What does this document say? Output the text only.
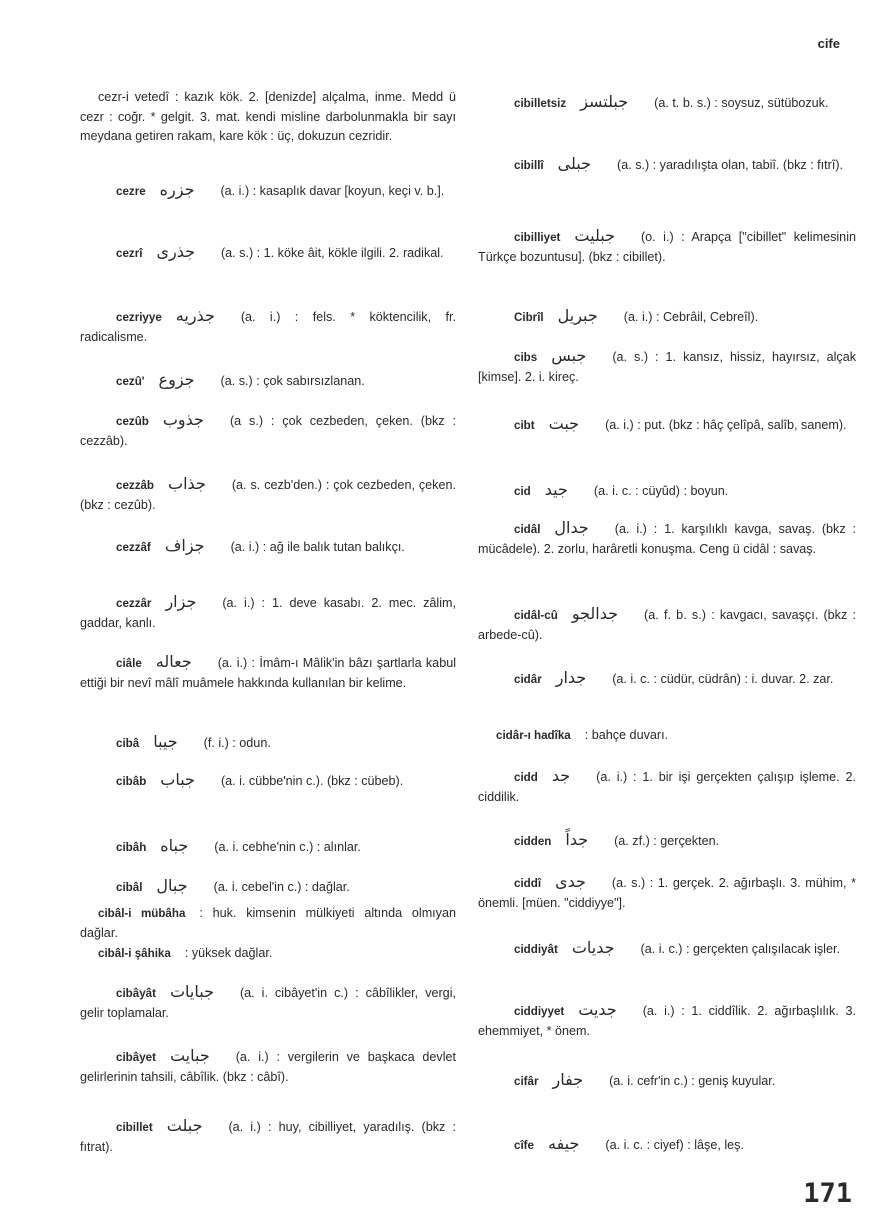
cife

cezr-i vetedî : kazık kök. 2. [denizde] alçalma, inme. Medd ü cezr : coğr. * gelgit. 3. mat. kendi misline darbolunmakla bir sayı meydana getiren rakam, kare kök : üç, dokuzun cezridir.

cezre جزره (a. i.) : kasaplık davar [koyun, keçi v. b.].

cezrî جذری (a. s.) : 1. köke âit, kökle ilgili. 2. radikal.

cezriyye جذریه (a. i.) : fels. * köktencilik, fr. radicalisme.

cezû' جزوع (a. s.) : çok sabırsızlanan.

cezûb جذوب (a s.) : çok cezbeden, çeken. (bkz : cezzâb).

cezzâb جذاب (a. s. cezb'den.) : çok cezbeden, çeken. (bkz : cezûb).

cezzâf جزاف (a. i.) : ağ ile balık tutan balıkçı.

cezzâr جزار (a. i.) : 1. deve kasabı. 2. mec. zâlim, gaddar, kanlı.

ciâle جعاله (a. i.) : İmâm-ı Mâlik'in bâzı şartlarla kabul ettiği bir nevî mâlî muâmele hakkında kullanılan bir kelime.

cibâ جیبا (f. i.) : odun.

cibâb جباب (a. i. cübbe'nin c.). (bkz : cübeb).

cibâh جباه (a. i. cebhe'nin c.) : alınlar.

cibâl جبال (a. i. cebel'in c.) : dağlar.

cibâl-i mübâha : huk. kimsenin mülkiyeti altında olmıyan dağlar.

cibâl-i şâhika : yüksek dağlar.

cibâyât جبایات (a. i. cibâyet'in c.) : câbîlikler, vergi, gelir toplamalar.

cibâyet جبایت (a. i.) : vergilerin ve başkaca devlet gelirlerinin tahsili, câbîlik. (bkz : câbî).

cibillet جبلت (a. i.) : huy, cibilliyet, yaradılış. (bkz : fıtrat).

cibilletsiz جبلتسز (a. t. b. s.) : soysuz, sütübozuk.

cibillî جبلی (a. s.) : yaradılışta olan, tabiî. (bkz : fıtrî).

cibilliyet جبلیت (o. i.) : Arapça ["cibillet" kelimesinin Türkçe bozuntusu]. (bkz : cibillet).

Cibrîl جبریل (a. i.) : Cebrâil, Cebreîl).

cibs جبس (a. s.) : 1. kansız, hissiz, hayırsız, alçak [kimse]. 2. i. kireç.

cibt جبت (a. i.) : put. (bkz : hâç çelîpâ, salîb, sanem).

cid جید (a. i. c. : cüyûd) : boyun.

cidâl جدال (a. i.) : 1. karşılıklı kavga, savaş. (bkz : mücâdele). 2. zorlu, harâretli konuşma. Ceng ü cidâl : savaş.

cidâl-cû جدالجو (a. f. b. s.) : kavgacı, savaşçı. (bkz : arbede-cû).

cidâr جدار (a. i. c. : cüdür, cüdrân) : i. duvar. 2. zar.

cidâr-ı hadîka : bahçe duvarı.

cidd جد (a. i.) : 1. bir işi gerçekten çalışıp işleme. 2. ciddilik.

cidden جداً (a. zf.) : gerçekten.

ciddî جدی (a. s.) : 1. gerçek. 2. ağırbaşlı. 3. mühim, * önemli. [müen. "ciddiyye"].

ciddiyât جدیات (a. i. c.) : gerçekten çalışılacak işler.

ciddiyyet جدیت (a. i.) : 1. ciddîlik. 2. ağırbaşlılık. 3. ehemmiyet, * önem.

cifâr جفار (a. i. cefr'in c.) : geniş kuyular.

cîfe جیفه (a. i. c. : ciyef) : lâşe, leş.

171
